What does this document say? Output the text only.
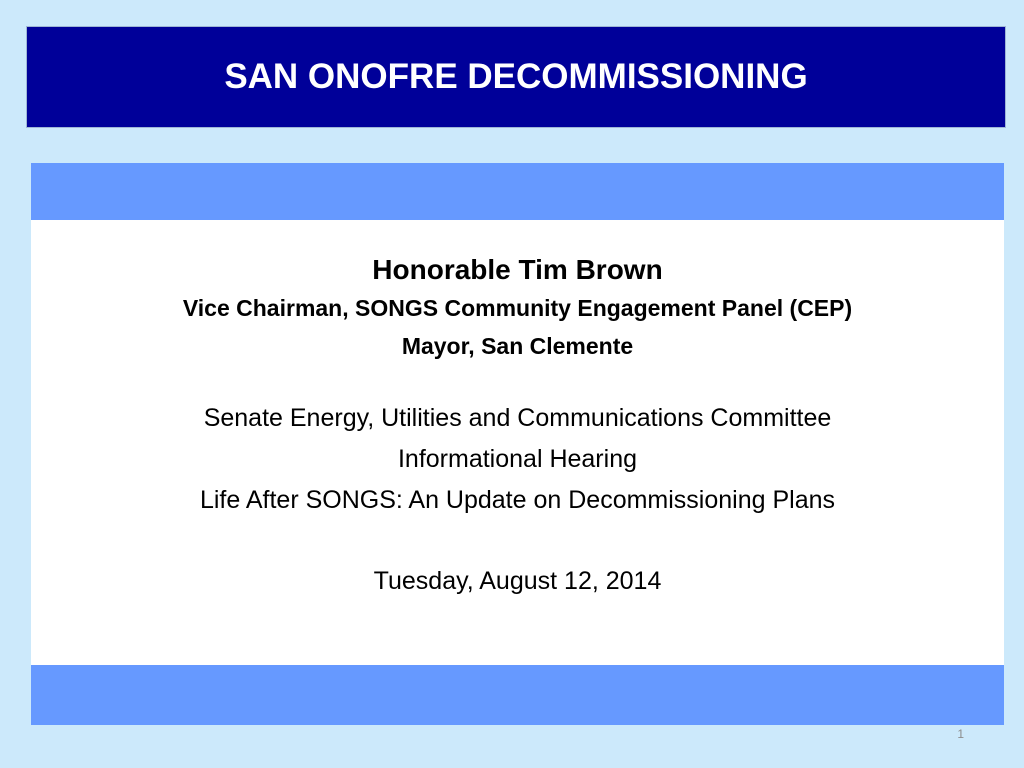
SAN ONOFRE DECOMMISSIONING
Honorable Tim Brown
Vice Chairman, SONGS Community Engagement Panel (CEP)
Mayor, San Clemente
Senate Energy, Utilities and Communications Committee
Informational Hearing
Life After SONGS: An Update on Decommissioning Plans
Tuesday, August 12, 2014
1
